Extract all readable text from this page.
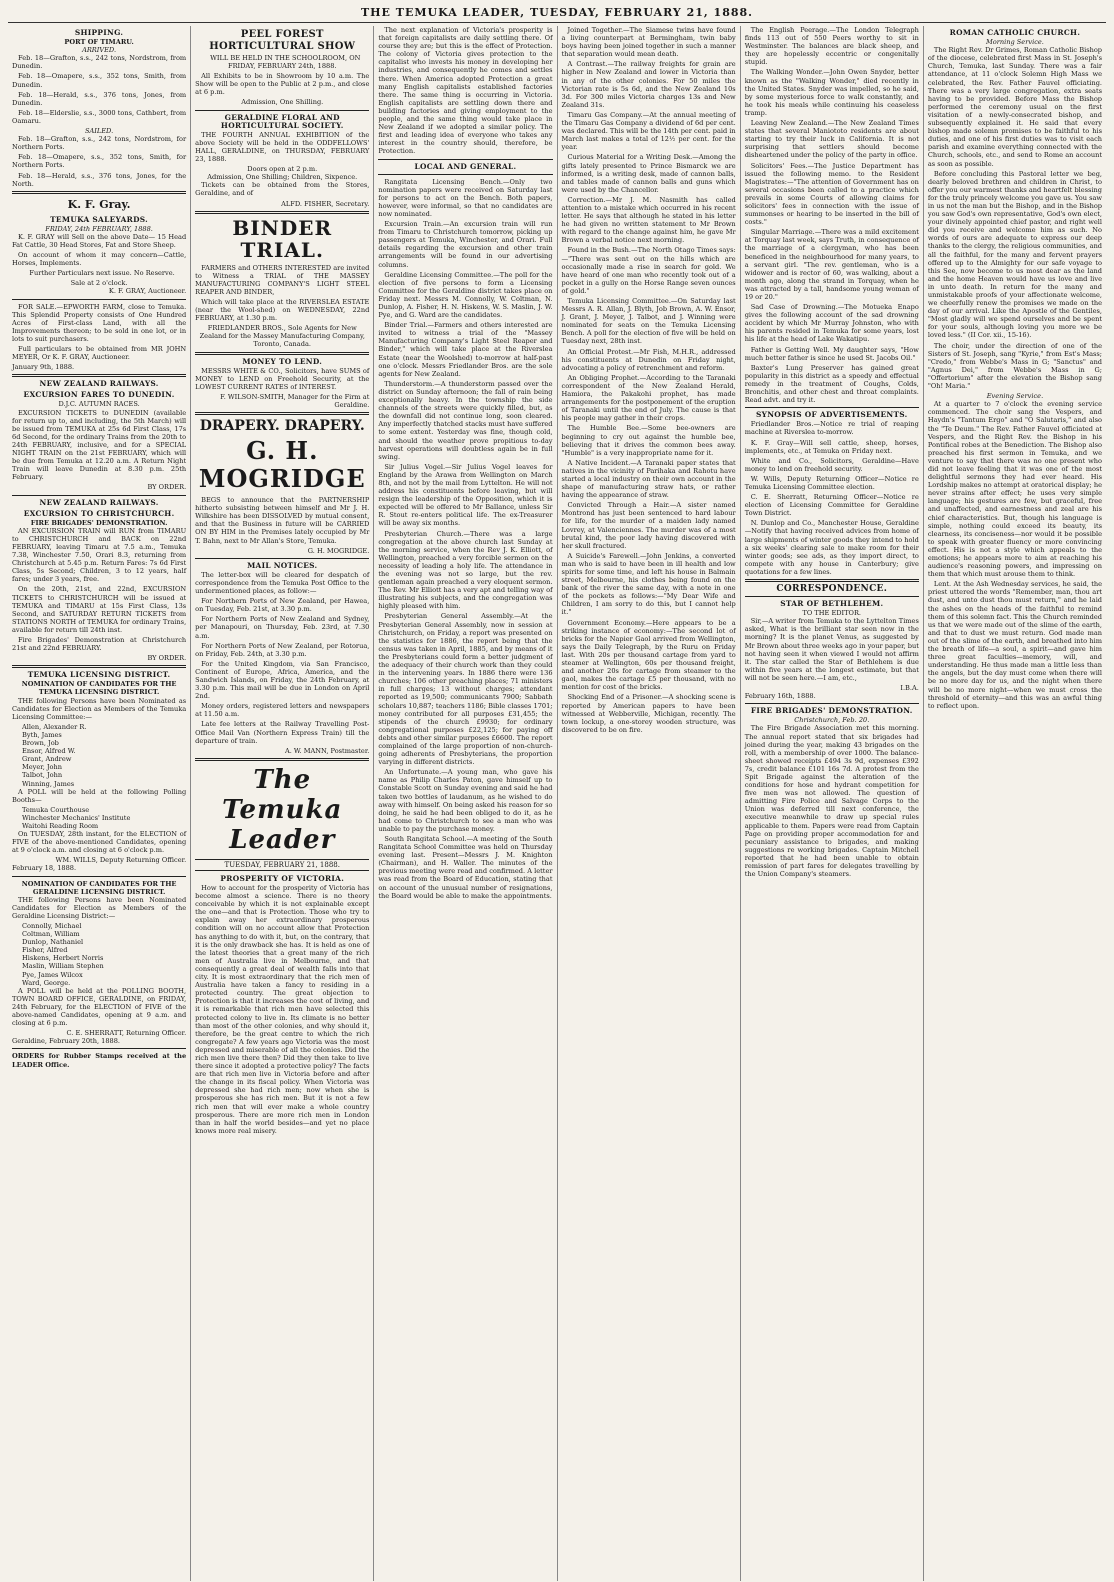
THE TEMUKA LEADER, TUESDAY, FEBRUARY 21, 1888.
SHIPPING.
PORT OF TIMARU.
ARRIVED.

Feb. 18—Grafton, s.s., 242 tons, Nordstrom, from Dunedin.

Feb. 18—Omapere, s.s., 352 tons, Smith, from Dunedin.

Feb. 18—Herald, s.s., 376 tons, Jones, from Dunedin.

Feb. 18—Elderslie, s.s., 3000 tons, Cathbert, from Oamaru.

SAILED.

Feb. 18—Grafton, s.s., 242 tons, Nordstrom, for Northern Ports.

Feb. 18—Omapere, s.s., 352 tons, Smith, for Northern Ports.

Feb. 18—Herald, s.s., 376 tons, Jones, for the North.

K. F. Gray.
TEMUKA SALEYARDS.
FRIDAY, 24th FEBRUARY, 1888.

K. F. GRAY will Sell on the above Date— 15 Head Fat Cattle, 30 Head Stores, Fat and Store Sheep.

On account of whom it may concern—Cattle, Horses, Implements.

Further Particulars next issue. No Reserve.

Sale at 2 o'clock.
K. F. GRAY, Auctioneer.

FOR SALE.—EPWORTH FARM, close to Temuka. This Splendid Property consists of One Hundred Acres of First-class Land, with all the Improvements thereon; to be sold in one lot, or in lots to suit purchasers.

Full particulars to be obtained from MR JOHN MEYER, Or K. F. GRAY, Auctioneer.

January 9th, 1888.
NEW ZEALAND RAILWAYS.
EXCURSION FARES TO DUNEDIN.
D.J.C. AUTUMN RACES.

EXCURSION TICKETS to DUNEDIN (available for return up to, and including, the 5th March) will be issued from TEMUKA at 25s 6d First Class, 17s 6d Second, for the ordinary Trains from the 20th to 24th FEBRUARY, inclusive, and for a SPECIAL NIGHT TRAIN on the 21st FEBRUARY, which will be due from Temuka at 12.20 a.m. A Return Night Train will leave Dunedin at 8.30 p.m. 25th February.

BY ORDER.
NEW ZEALAND RAILWAYS.
EXCURSION TO CHRISTCHURCH.
FIRE BRIGADES' DEMONSTRATION.

AN EXCURSION TRAIN will RUN from TIMARU to CHRISTCHURCH and BACK on 22nd FEBRUARY, leaving Timaru at 7.5 a.m., Temuka 7.38, Winchester 7.50, Orari 8.3, returning from Christchurch at 5.45 p.m. Return Fares: 7s 6d First Class, 5s Second; Children, 3 to 12 years, half fares; under 3 years, free.

On the 20th, 21st, and 22nd, EXCURSION TICKETS to CHRISTCHURCH will be issued at TEMUKA and TIMARU at 15s First Class, 13s Second, and SATURDAY RETURN TICKETS from STATIONS NORTH of TEMUKA for ordinary Trains, available for return till 24th inst.

Fire Brigades' Demonstration at Christchurch 21st and 22nd FEBRUARY.

BY ORDER.
TEMUKA LICENSING DISTRICT.
NOMINATION OF CANDIDATES FOR THE TEMUKA LICENSING DISTRICT.

THE following Persons have been Nominated as Candidates for Election as Members of the Temuka Licensing Committee:—

Allen, Alexander R.
Byth, James
Brown, Job
Ensor, Alfred W.
Grant, Andrew
Meyer, John
Talbot, John
Winning, James

A POLL will be held at the following Polling Booths—

Temuka Courthouse
Winchester Mechanics' Institute
Waitohi Reading Room

On TUESDAY, 28th instant, for the ELECTION of FIVE of the above-mentioned Candidates, opening at 9 o'clock a.m. and closing at 6 o'clock p.m.

WM. WILLS, Deputy Returning Officer.
February 18, 1888.
NOMINATION OF CANDIDATES FOR THE GERALDINE LICENSING DISTRICT.

THE following Persons have been Nominated Candidates for Election as Members of the Geraldine Licensing District:—

Connolly, Michael
Coltman, William
Dunlop, Nathaniel
Fisher, Alfred
Hiskens, Herbert Norris
Maslin, William Stephen
Pye, James Wilcox
Ward, George.

A POLL will be held at the POLLING BOOTH, TOWN BOARD OFFICE, GERALDINE, on FRIDAY, 24th February, for the ELECTION of FIVE of the above-named Candidates, opening at 9 a.m. and closing at 6 p.m.

C. E. SHERRATT, Returning Officer.
Geraldine, February 20th, 1888.

ORDERS for Rubber Stamps received at the LEADER Office.

PEEL FOREST HORTICULTURAL SHOW

WILL BE HELD IN THE SCHOOLROOM, ON FRIDAY, FEBRUARY 24th, 1888.

All Exhibits to be in Showroom by 10 a.m. The Show will be open to the Public at 2 p.m., and close at 6 p.m.

Admission, One Shilling.
GERALDINE FLORAL AND HORTICULTURAL SOCIETY.

THE FOURTH ANNUAL EXHIBITION of the above Society will be held in the ODDFELLOWS' HALL, GERALDINE, on THURSDAY, FEBRUARY 23, 1888.

Doors open at 2 p.m.
Admission, One Shilling; Children, Sixpence.

Tickets can be obtained from the Stores, Geraldine, and of

ALFD. FISHER, Secretary.
BINDER TRIAL.

FARMERS and OTHERS INTERESTED are invited to Witness a TRIAL of THE MASSEY MANUFACTURING COMPANY'S LIGHT STEEL REAPER AND BINDER,

Which will take place at the RIVERSLEA ESTATE (near the Wool-shed) on WEDNESDAY, 22nd FEBRUARY, at 1.30 p.m.

FRIEDLANDER BROS., Sole Agents for New Zealand for the Massey Manufacturing Company, Toronto, Canada.
MONEY TO LEND.

MESSRS WHITE & CO., Solicitors, have SUMS of MONEY to LEND on Freehold Security, at the LOWEST CURRENT RATES of INTEREST.

F. WILSON-SMITH, Manager for the Firm at Geraldine.
DRAPERY. DRAPERY.
G. H. MOGRIDGE

BEGS to announce that the PARTNERSHIP hitherto subsisting between himself and Mr J. H. Wilkshire has been DISSOLVED by mutual consent, and that the Business in future will be CARRIED ON BY HIM in the Premises lately occupied by Mr T. Bahn, next to Mr Allan's Store, Temuka.

G. H. MOGRIDGE.
MAIL NOTICES.

The letter-box will be cleared for despatch of correspondence from the Temuka Post Office to the undermentioned places, as follow:—

For Northern Ports of New Zealand, per Hawea, on Tuesday, Feb. 21st, at 3.30 p.m.

For Northern Ports of New Zealand and Sydney, per Manapouri, on Thursday, Feb. 23rd, at 7.30 a.m.

For Northern Ports of New Zealand, per Rotorua, on Friday, Feb. 24th, at 3.30 p.m.

For the United Kingdom, via San Francisco, Continent of Europe, Africa, America, and the Sandwich Islands, on Friday, the 24th February, at 3.30 p.m. This mail will be due in London on April 2nd.

Money orders, registered letters and newspapers at 11.50 a.m.

Late fee letters at the Railway Travelling Post-Office Mail Van (Northern Express Train) till the departure of train.

A. W. MANN, Postmaster.
The Temuka Leader
TUESDAY, FEBRUARY 21, 1888.
PROSPERITY OF VICTORIA.

How to account for the prosperity of Victoria has become almost a science. There is no theory conceivable by which it is not explainable except the one—and that is Protection. Those who try to explain away her extraordinary prosperous condition will on no account allow that Protection has anything to do with it, but, on the contrary, that it is the only drawback she has. It is held as one of the latest theories that a great many of the rich men of Australia live in Melbourne, and that consequently a great deal of wealth falls into that city. It is most extraordinary that the rich men of Australia have taken a fancy to residing in a protected country. The great objection to Protection is that it increases the cost of living, and it is remarkable that rich men have selected this protected colony to live in. Its climate is no better than most of the other colonies, and why should it, therefore, be the great centre to which the rich congregate? A few years ago Victoria was the most depressed and miserable of all the colonies. Did the rich men live there then? Did they then take to live there since it adopted a protective policy? The facts are that rich men live in Victoria before and after the change in its fiscal policy. When Victoria was depressed she had rich men; now when she is prosperous she has rich men. But it is not a few rich men that will ever make a whole country prosperous. There are more rich men in London than in half the world besides—and yet no place knows more real misery.

The next explanation of Victoria's prosperity is that foreign capitalists are daily settling there. Of course they are; but this is the effect of Protection. The colony of Victoria gives protection to the capitalist who invests his money in developing her industries, and consequently he comes and settles there. When America adopted Protection a great many English capitalists established factories there. The same thing is occurring in Victoria. English capitalists are settling down there and building factories and giving employment to the people, and the same thing would take place in New Zealand if we adopted a similar policy. The first and leading idea of everyone who takes any interest in the country should, therefore, be Protection.

LOCAL AND GENERAL.

Rangitata Licensing Bench.—Only two nomination papers were received on Saturday last for persons to act on the Bench. Both papers, however, were informal, so that no candidates are now nominated.

Excursion Train.—An excursion train will run from Timaru to Christchurch tomorrow, picking up passengers at Temuka, Winchester, and Orari. Full details regarding the excursion and other train arrangements will be found in our advertising columns.

Geraldine Licensing Committee.—The poll for the election of five persons to form a Licensing Committee for the Geraldine district takes place on Friday next. Messrs M. Connolly, W. Coltman, N. Dunlop, A. Fisher, H. N. Hiskens, W. S. Maslin, J. W. Pye, and G. Ward are the candidates.

Binder Trial.—Farmers and others interested are invited to witness a trial of the "Massey Manufacturing Company's Light Steel Reaper and Binder," which will take place at the Riversleа Estate (near the Woolshed) to-morrow at half-past one o'clock. Messrs Friedlander Bros. are the sole agents for New Zealand.

Thunderstorm.—A thunderstorm passed over the district on Sunday afternoon; the fall of rain being exceptionally heavy. In the township the side channels of the streets were quickly filled, but, as the downfall did not continue long, soon cleared. Any imperfectly thatched stacks must have suffered to some extent. Yesterday was fine, though cold, and should the weather prove propitious to-day harvest operations will doubtless again be in full swing.

Sir Julius Vogel.—Sir Julius Vogel leaves for England by the Arawa from Wellington on March 8th, and not by the mail from Lyttelton. He will not address his constituents before leaving, but will resign the leadership of the Opposition, which it is expected will be offered to Mr Ballance, unless Sir R. Stout re-enters political life. The ex-Treasurer will be away six months.

Presbyterian Church.—There was a large congregation at the above church last Sunday at the morning service, when the Rev J. K. Elliott, of Wellington, preached a very forcible sermon on the necessity of leading a holy life. The attendance in the evening was not so large, but the rev. gentleman again preached a very eloquent sermon. The Rev. Mr Elliott has a very apt and telling way of illustrating his subjects, and the congregation was highly pleased with him.

Presbyterian General Assembly.—At the Presbyterian General Assembly, now in session at Christchurch, on Friday, a report was presented on the statistics for 1886, the report being that the census was taken in April, 1885, and by means of it the Presbyterians could form a better judgment of the adequacy of their church work than they could in the intervening years. In 1886 there were 136 churches; 106 other preaching places; 71 ministers in full charges; 13 without charges; attendant reported as 19,500; communicants 7900; Sabbath scholars 10,887; teachers 1186; Bible classes 1701; money contributed for all purposes £31,455; the stipends of the church £9930; for ordinary congregational purposes £22,125; for paying off debts and other similar purposes £6600. The report complained of the large proportion of non-church-going adherents of Presbyterians, the proportion varying in different districts.

An Unfortunate.—A young man, who gave his name as Philip Charles Paton, gave himself up to Constable Scott on Sunday evening and said he had taken two bottles of laudanum, as he wished to do away with himself. On being asked his reason for so doing, he said he had been obliged to do it, as he had come to Christchurch to see a man who was unable to pay the purchase money.

South Rangitata School.—A meeting of the South Rangitata School Committee was held on Thursday evening last. Present—Messrs J. M. Knighton (Chairman), and H. Waller. The minutes of the previous meeting were read and confirmed. A letter was read from the Board of Education, stating that on account of the unusual number of resignations, the Board would be able to make the appointments.

Joined Together.—The Siamese twins have found a living counterpart at Bermingham, twin baby boys having been joined together in such a manner that separation would mean death.

A Contrast.—The railway freights for grain are higher in New Zealand and lower in Victoria than in any of the other colonies. For 50 miles the Victorian rate is 5s 6d, and the New Zealand 10s 3d. For 300 miles Victoria charges 13s and New Zealand 31s.

Timaru Gas Company.—At the annual meeting of the Timaru Gas Company a dividend of 6d per cent. was declared. This will be the 14th per cent. paid in March last makes a total of 12½ per cent. for the year.

Curious Material for a Writing Desk.—Among the gifts lately presented to Prince Bismarck we are informed, is a writing desk, made of cannon balls, and tables made of cannon balls and guns which were used by the Chancellor.

Correction.—Mr J. M. Nasmith has called attention to a mistake which occurred in his recent letter. He says that although he stated in his letter he had given no written statement to Mr Brown with regard to the change against him, he gave Mr Brown a verbal notice next morning.

Found in the Bush.—The North Otago Times says:—"There was sent out on the hills which are occasionally made a rise in search for gold. We have heard of one man who recently took out of a pocket in a gully on the Horse Range seven ounces of gold."

Temuka Licensing Committee.—On Saturday last Messrs A. R. Allan, J. Blyth, Job Brown, A. W. Ensor, J. Grant, J. Meyer, J. Talbot, and J. Winning were nominated for seats on the Temuka Licensing Bench. A poll for the election of five will be held on Tuesday next, 28th inst.

An Official Protest.—Mr Fish, M.H.R., addressed his constituents at Dunedin on Friday night, advocating a policy of retrenchment and reform.

An Obliging Prophet.—According to the Taranaki correspondent of the New Zealand Herald, Hamiora, the Pakakohi prophet, has made arrangements for the postponement of the eruption of Taranaki until the end of July. The cause is that his people may gather in their crops.

The Humble Bee.—Some bee-owners are beginning to cry out against the humble bee, believing that it drives the common bees away. "Humble" is a very inappropriate name for it.

A Native Incident.—A Taranaki paper states that natives in the vicinity of Parihaka and Rahotu have started a local industry on their own account in the shape of manufacturing straw hats, or rather having the appearance of straw.

Convicted Through a Hair.—A sister named Montrond has just been sentenced to hard labour for life, for the murder of a maiden lady named Lovrey, at Valenciennes. The murder was of a most brutal kind, the poor lady having discovered with her skull fractured.

A Suicide's Farewell.—John Jenkins, a converted man who is said to have been in ill health and low spirits for some time, and left his house in Balmain street, Melbourne, his clothes being found on the bank of the river the same day, with a note in one of the pockets as follows:—"My Dear Wife and Children, I am sorry to do this, but I cannot help it."

Government Economy.—Here appears to be a striking instance of economy:—The second lot of bricks for the Napier Gaol arrived from Wellington, says the Daily Telegraph, by the Ruru on Friday last. With 20s per thousand cartage from yard to steamer at Wellington, 60s per thousand freight, and another 20s for cartage from steamer to the gaol, makes the cartage £5 per thousand, with no mention for cost of the bricks.

Shocking End of a Prisoner.—A shocking scene is reported by American papers to have been witnessed at Webberville, Michigan, recently. The town lockup, a one-storey wooden structure, was discovered to be on fire.

The English Peerage.—The London Telegraph finds 113 out of 550 Peers worthy to sit in Westminster. The balances are black sheep, and they are hopelessly eccentric or congenitally stupid.

The Walking Wonder.—John Owen Snyder, better known as the "Walking Wonder," died recently in the United States. Snyder was impelled, so he said, by some mysterious force to walk constantly, and he took his meals while continuing his ceaseless tramp.

Leaving New Zealand.—The New Zealand Times states that several Maniototo residents are about starting to try their luck in California. It is not surprising that settlers should become disheartened under the policy of the party in office.

Solicitors' Fees.—The Justice Department has issued the following memo. to the Resident Magistrates:—"The attention of Government has on several occasions been called to a practice which prevails in some Courts of allowing claims for solicitors' fees in connection with the issue of summonses or hearing to be inserted in the bill of costs."

Singular Marriage.—There was a mild excitement at Torquay last week, says Truth, in consequence of the marriage of a clergyman, who has been beneficed in the neighbourhood for many years, to a servant girl. "The rev. gentleman, who is a widower and is rector of 60, was walking, about a month ago, along the strand in Torquay, when he was attracted by a tall, handsome young woman of 19 or 20."

Sad Case of Drowning.—The Motueka Enapo gives the following account of the sad drowning accident by which Mr Murray Johnston, who with his parents resided in Temuka for some years, lost his life at the head of Lake Wakatipu.

Father is Getting Well. My daughter says, "How much better father is since he used St. Jacobs Oil."

Baxter's Lung Preserver has gained great popularity in this district as a speedy and effectual remedy in the treatment of Coughs, Colds, Bronchitis, and other chest and throat complaints. Read advt. and try it.

SYNOPSIS OF ADVERTISEMENTS.

Friedlander Bros.—Notice re trial of reaping machine at Riverslea to-morrow.

K. F. Gray—Will sell cattle, sheep, horses, implements, etc., at Temuka on Friday next.

White and Co., Solicitors, Geraldine—Have money to lend on freehold security.

W. Wills, Deputy Returning Officer—Notice re Temuka Licensing Committee election.

C. E. Sherratt, Returning Officer—Notice re election of Licensing Committee for Geraldine Town District.

N. Dunlop and Co., Manchester House, Geraldine—Notify that having received advices from home of large shipments of winter goods they intend to hold a six weeks' clearing sale to make room for their winter goods; see ads, as they import direct, to compete with any house in Canterbury; give quotations for a few lines.

CORRESPONDENCE.
STAR OF BETHLEHEM.
TO THE EDITOR.

Sir,—A writer from Temuka to the Lyttelton Times asked, What is the brilliant star seen now in the morning? It is the planet Venus, as suggested by Mr Brown about three weeks ago in your paper, but not having seen it when viewed I would not affirm it. The star called the Star of Bethlehem is due within five years at the longest estimate, but that will not be seen here.—I am, etc.,

I.B.A.
February 16th, 1888.
FIRE BRIGADES' DEMONSTRATION.
Christchurch, Feb. 20.

The Fire Brigade Association met this morning. The annual report stated that six brigades had joined during the year, making 43 brigades on the roll, with a membership of over 1000. The balance-sheet showed receipts £494 3s 9d, expenses £392 7s, credit balance £101 16s 7d. A protest from the Spit Brigade against the alteration of the conditions for hose and hydrant competition for five men was not allowed. The question of admitting Fire Police and Salvage Corps to the Union was deferred till next conference, the executive meanwhile to draw up special rules applicable to them. Papers were read from Captain Page on providing proper accommodation for and pecuniary assistance to brigades, and making suggestions re working brigades. Captain Mitchell reported that he had been unable to obtain remission of part fares for delegates travelling by the Union Company's steamers.

ROMAN CATHOLIC CHURCH.
Morning Service.

The Right Rev. Dr Grimes, Roman Catholic Bishop of the diocese, celebrated first Mass in St. Joseph's Church, Temuka, last Sunday. There was a fair attendance, at 11 o'clock Solemn High Mass we celebrated, the Rev. Father Fauvel officiating. There was a very large congregation, extra seats having to be provided. Before Mass the Bishop performed the ceremony usual on the first visitation of a newly-consecrated bishop, and subsequently explained it. He said that every bishop made solemn promises to be faithful to his duties, and one of his first duties was to visit each parish and examine everything connected with the Church, schools, etc., and send to Rome an account as soon as possible.

Before concluding this Pastoral letter we beg, dearly beloved brethren and children in Christ, to offer you our warmest thanks and heartfelt blessing for the truly princely welcome you gave us. You saw in us not the man but the Bishop, and in the Bishop you saw God's own representative, God's own elect, your divinely appointed chief pastor, and right well did you receive and welcome him as such. No words of ours are adequate to express our deep thanks to the clergy, the religious communities, and all the faithful, for the many and fervent prayers offered up to the Almighty for our safe voyage to this See, now become to us most dear as the land and the home Heaven would have us love and live in unto death. In return for the many and unmistakable proofs of your affectionate welcome, we cheerfully renew the promises we made on the day of our arrival. Like the Apostle of the Gentiles, "Most gladly will we spend ourselves and be spent for your souls, although loving you more we be loved less." (II Cor. xii., 15-16).

The choir, under the direction of one of the Sisters of St. Joseph, sang "Kyrie," from Est's Mass; "Credo," from Webbe's Mass in G; "Sanctus" and "Agnus Dei," from Webbe's Mass in G; "Offertorium" after the elevation the Bishop sang "Oh! Maria."

Evening Service.

At a quarter to 7 o'clock the evening service commenced. The choir sang the Vespers, and Haydn's "Tantum Ergo" and "O Salutaris," and also the "Te Deum." The Rev. Father Fauvel officiated at Vespers, and the Right Rev. the Bishop in his Pontifical robes at the Benediction. The Bishop also preached his first sermon in Temuka, and we venture to say that there was no one present who did not leave feeling that it was one of the most delightful sermons they had ever heard. His Lordship makes no attempt at oratorical display; he never strains after effect; he uses very simple language; his gestures are few, but graceful, free and unaffected, and earnestness and zeal are his chief characteristics. But, though his language is simple, nothing could exceed its beauty, its clearness, its conciseness—nor would it be possible to speak with greater fluency or more convincing effect. His is not a style which appeals to the emotions; he appears more to aim at reaching his audience's reasoning powers, and impressing on them that which must arouse them to think.

Lent. At the Ash Wednesday services, he said, the priest uttered the words "Remember, man, thou art dust, and unto dust thou must return," and he laid the ashes on the heads of the faithful to remind them of this solemn fact. This the Church reminded us that we were made out of the slime of the earth, and that to dust we must return. God made man out of the slime of the earth, and breathed into him the breath of life—a soul, a spirit—and gave him three great faculties—memory, will, and understanding. He thus made man a little less than the angels, but the day must come when there will be no more day for us, and the night when there will be no more night—when we must cross the threshold of eternity—and this was an awful thing to reflect upon.
